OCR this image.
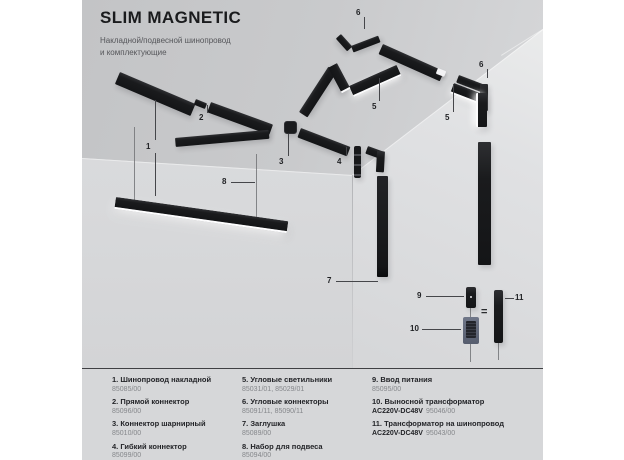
SLIM MAGNETIC

Накладной/подвесной шинопровод
и комплектующие

=
1
2
3	4
5
5
6
6
7
8
9
10
11
1. Шинопровод накладной
85085/00
2. Прямой коннектор
85096/00
3. Коннектор шарнирный
85010/00
4. Гибкий коннектор
85099/00
5. Угловые светильники
85031/01, 85029/01
6. Угловые коннекторы
85091/11, 85090/11
7. Заглушка
85089/00
8. Набор для подвеса
85094/00
9. Ввод питания
85095/00
10. Выносной трансформатор
AC220V-DC48V 95046/00
11. Трансформатор на шинопровод
AC220V-DC48V 95043/00
